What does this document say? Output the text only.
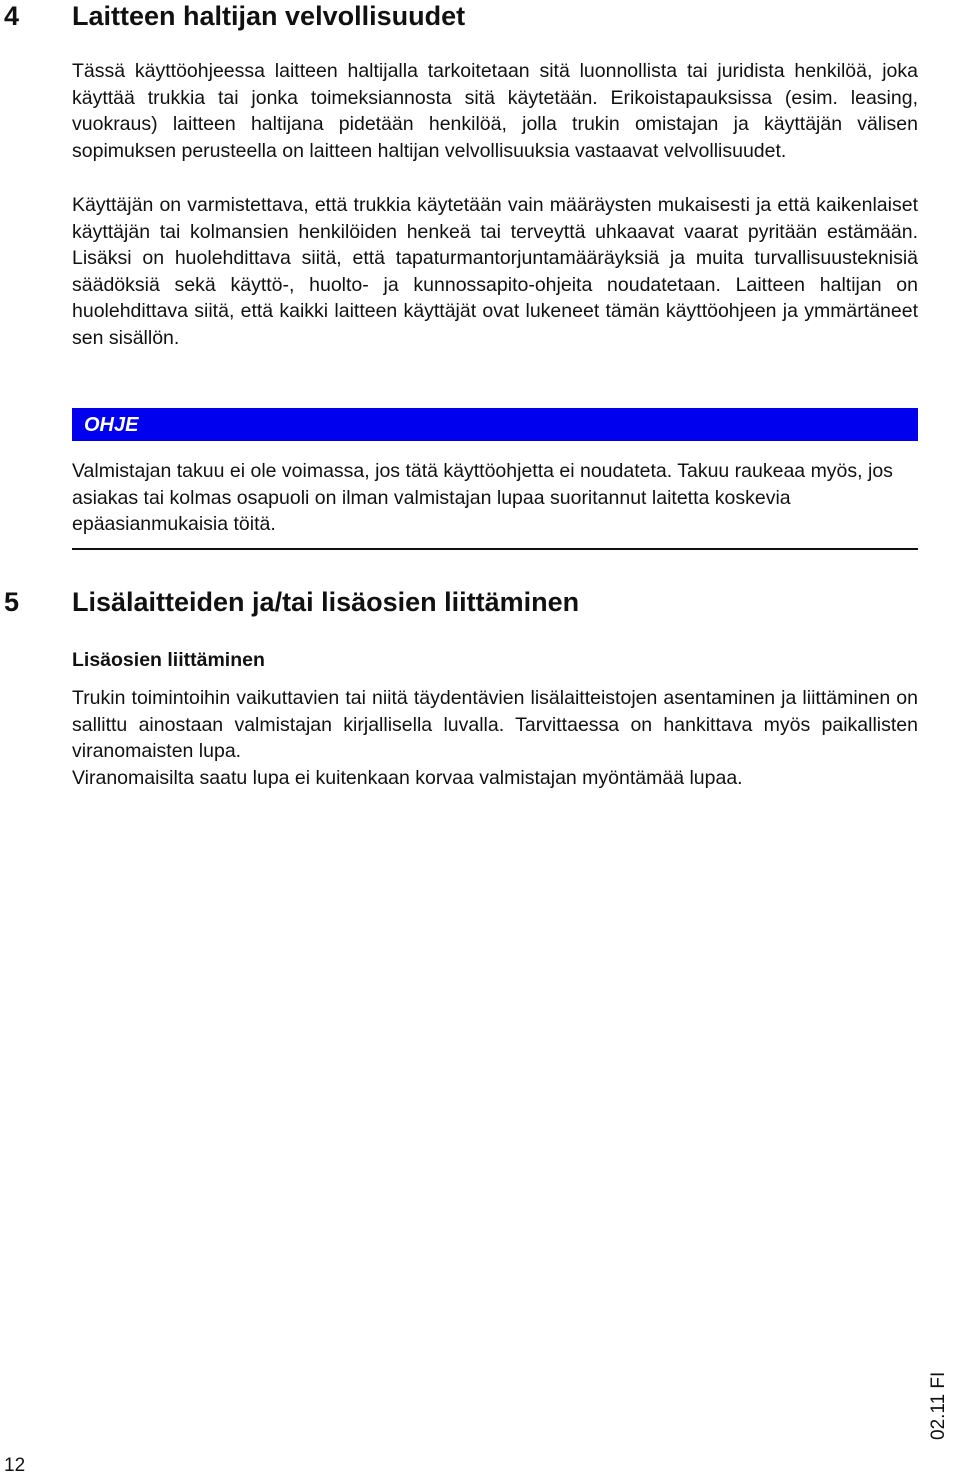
4 Laitteen haltijan velvollisuudet

Tässä käyttöohjeessa laitteen haltijalla tarkoitetaan sitä luonnollista tai juridista henkilöä, joka käyttää trukkia tai jonka toimeksiannosta sitä käytetään. Erikoistapauksissa (esim. leasing, vuokraus) laitteen haltijana pidetään henkilöä, jolla trukin omistajan ja käyttäjän välisen sopimuksen perusteella on laitteen haltijan velvollisuuksia vastaavat velvollisuudet.

Käyttäjän on varmistettava, että trukkia käytetään vain määräysten mukaisesti ja että kaikenlaiset käyttäjän tai kolmansien henkilöiden henkeä tai terveyttä uhkaavat vaarat pyritään estämään. Lisäksi on huolehdittava siitä, että tapaturmantorjuntamääräyksiä ja muita turvallisuusteknisiä säädöksiä sekä käyttö-, huolto- ja kunnossapito-ohjeita noudatetaan. Laitteen haltijan on huolehdittava siitä, että kaikki laitteen käyttäjät ovat lukeneet tämän käyttöohjeen ja ymmärtäneet sen sisällön.

OHJE

Valmistajan takuu ei ole voimassa, jos tätä käyttöohjetta ei noudateta. Takuu raukeaa myös, jos asiakas tai kolmas osapuoli on ilman valmistajan lupaa suoritannut laitetta koskevia epäasianmukaisia töitä.

5 Lisälaitteiden ja/tai lisäosien liittäminen
Lisäosien liittäminen

Trukin toimintoihin vaikuttavien tai niitä täydentävien lisälaitteistojen asentaminen ja liittäminen on sallittu ainostaan valmistajan kirjallisella luvalla. Tarvittaessa on hankittava myös paikallisten viranomaisten lupa.

Viranomaisilta saatu lupa ei kuitenkaan korvaa valmistajan myöntämää lupaa.

12
02.11 FI
